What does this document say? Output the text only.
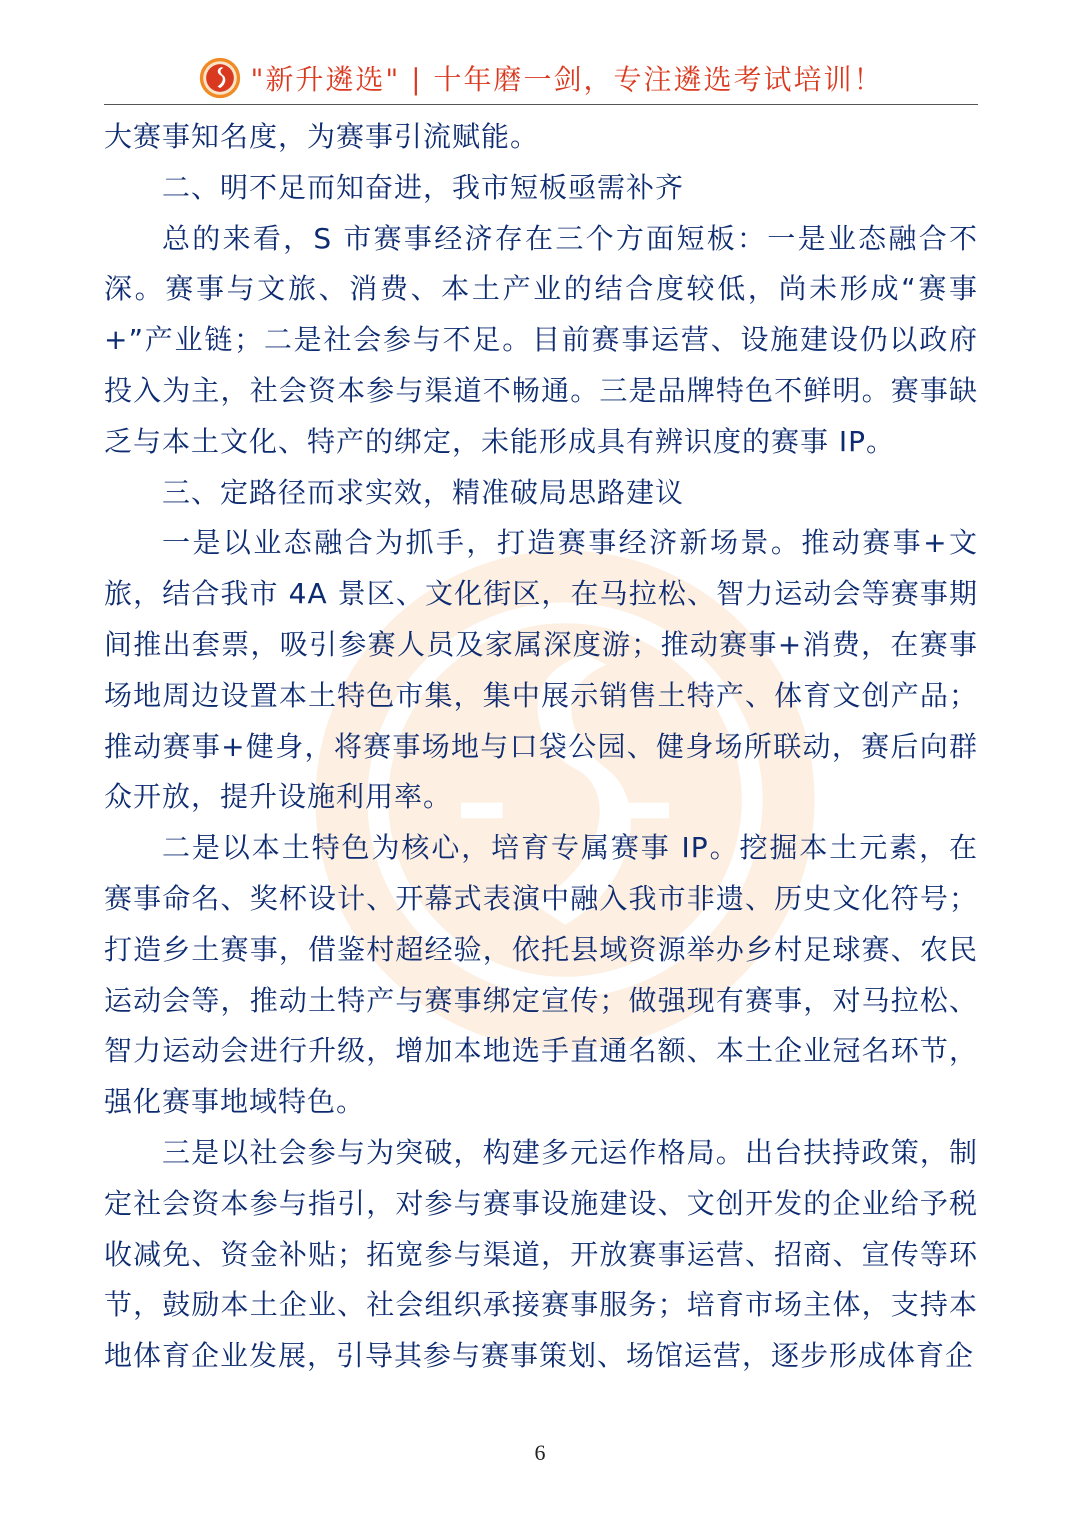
"新升遴选" | 十年磨一剑，专注遴选考试培训！

大赛事知名度，为赛事引流赋能。

二、明不足而知奋进，我市短板亟需补齐

总的来看，S 市赛事经济存在三个方面短板：一是业态融合不深。赛事与文旅、消费、本土产业的结合度较低，尚未形成“赛事+”产业链；二是社会参与不足。目前赛事运营、设施建设仍以政府投入为主，社会资本参与渠道不畅通。三是品牌特色不鲜明。赛事缺乏与本土文化、特产的绑定，未能形成具有辨识度的赛事 IP。

三、定路径而求实效，精准破局思路建议

一是以业态融合为抓手，打造赛事经济新场景。推动赛事+文旅，结合我市 4A 景区、文化街区，在马拉松、智力运动会等赛事期间推出套票，吸引参赛人员及家属深度游；推动赛事+消费，在赛事场地周边设置本土特色市集，集中展示销售土特产、体育文创产品；推动赛事+健身，将赛事场地与口袋公园、健身场所联动，赛后向群众开放，提升设施利用率。

二是以本土特色为核心，培育专属赛事 IP。挖掘本土元素，在赛事命名、奖杯设计、开幕式表演中融入我市非遗、历史文化符号；打造乡土赛事，借鉴村超经验，依托县域资源举办乡村足球赛、农民运动会等，推动土特产与赛事绑定宣传；做强现有赛事，对马拉松、智力运动会进行升级，增加本地选手直通名额、本土企业冠名环节，强化赛事地域特色。

三是以社会参与为突破，构建多元运作格局。出台扶持政策，制定社会资本参与指引，对参与赛事设施建设、文创开发的企业给予税收减免、资金补贴；拓宽参与渠道，开放赛事运营、招商、宣传等环节，鼓励本土企业、社会组织承接赛事服务；培育市场主体，支持本地体育企业发展，引导其参与赛事策划、场馆运营，逐步形成体育企

6
